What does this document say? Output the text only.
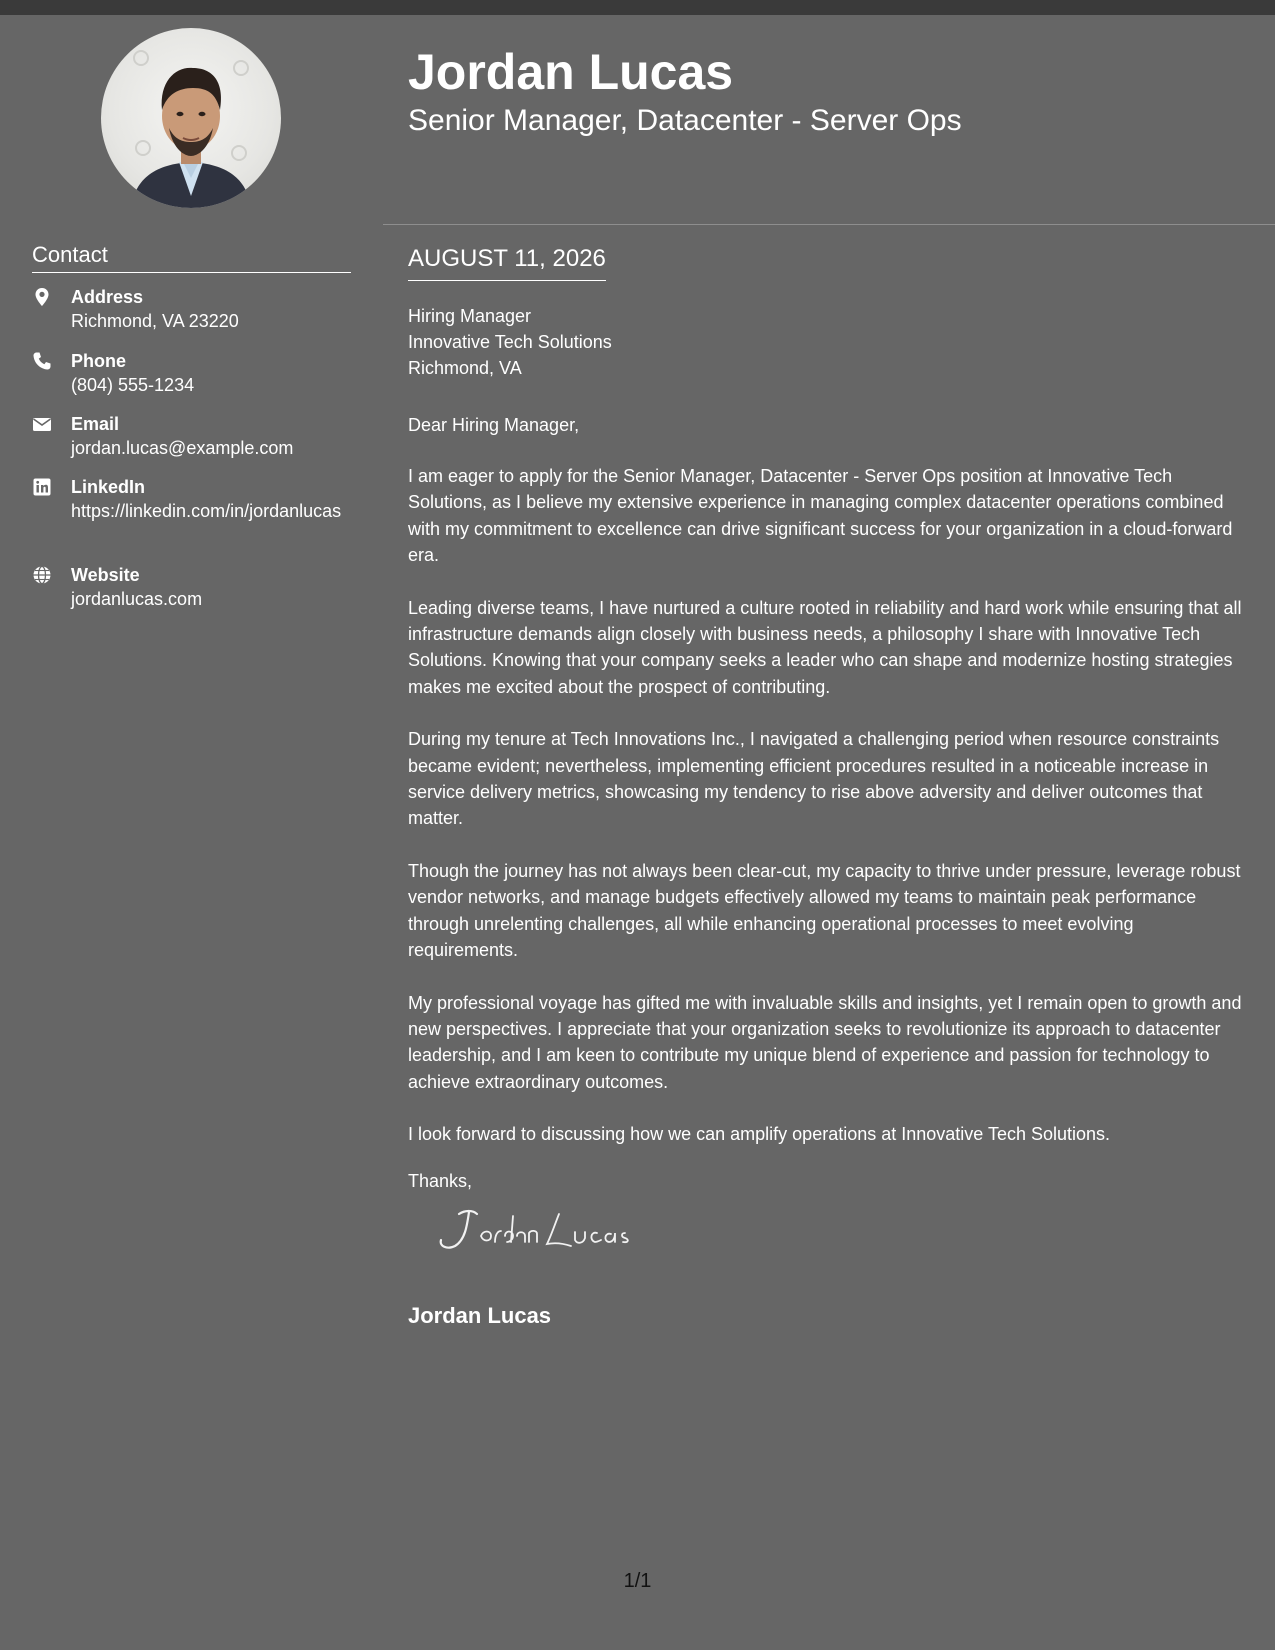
Contact
Address
Richmond, VA 23220
Phone
(804) 555-1234
Email
jordan.lucas@example.com
LinkedIn
https://linkedin.com/in/jordanlucas
Website
jordanlucas.com
Jordan Lucas
Senior Manager, Datacenter - Server Ops
AUGUST 11, 2026
Hiring Manager
Innovative Tech Solutions
Richmond, VA
Dear Hiring Manager,

I am eager to apply for the Senior Manager, Datacenter - Server Ops position at Innovative Tech Solutions, as I believe my extensive experience in managing complex datacenter operations combined with my commitment to excellence can drive significant success for your organization in a cloud-forward era.

Leading diverse teams, I have nurtured a culture rooted in reliability and hard work while ensuring that all infrastructure demands align closely with business needs, a philosophy I share with Innovative Tech Solutions. Knowing that your company seeks a leader who can shape and modernize hosting strategies makes me excited about the prospect of contributing.

During my tenure at Tech Innovations Inc., I navigated a challenging period when resource constraints became evident; nevertheless, implementing efficient procedures resulted in a noticeable increase in service delivery metrics, showcasing my tendency to rise above adversity and deliver outcomes that matter.

Though the journey has not always been clear-cut, my capacity to thrive under pressure, leverage robust vendor networks, and manage budgets effectively allowed my teams to maintain peak performance through unrelenting challenges, all while enhancing operational processes to meet evolving requirements.

My professional voyage has gifted me with invaluable skills and insights, yet I remain open to growth and new perspectives. I appreciate that your organization seeks to revolutionize its approach to datacenter leadership, and I am keen to contribute my unique blend of experience and passion for technology to achieve extraordinary outcomes.

I look forward to discussing how we can amplify operations at Innovative Tech Solutions.

Thanks,
Jordan Lucas
1/1
